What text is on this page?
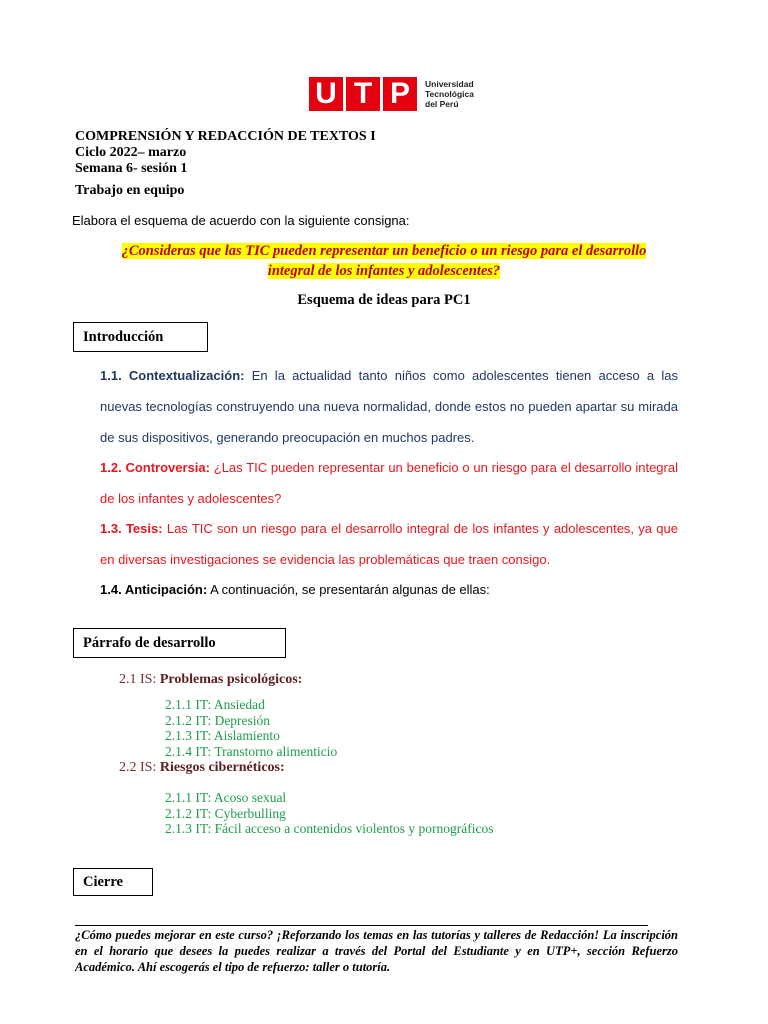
U T P	Universidad
Tecnológica
del Perú
COMPRENSIÓN Y REDACCIÓN DE TEXTOS I
Ciclo 2022– marzo
Semana 6- sesión 1
Trabajo en equipo
Elabora el esquema de acuerdo con la siguiente consigna:
¿Consideras que las TIC pueden representar un beneficio o un riesgo para el desarrollo
integral de los infantes y adolescentes?
Esquema de ideas para PC1
Introducción
1.1. Contextualización: En la actualidad tanto niños como adolescentes tienen acceso a las nuevas tecnologías construyendo una nueva normalidad, donde estos no pueden apartar su mirada de sus dispositivos, generando preocupación en muchos padres.
1.2. Controversia: ¿Las TIC pueden representar un beneficio o un riesgo para el desarrollo integral de los infantes y adolescentes?
1.3. Tesis: Las TIC son un riesgo para el desarrollo integral de los infantes y adolescentes, ya que en diversas investigaciones se evidencia las problemáticas que traen consigo.
1.4. Anticipación: A continuación, se presentarán algunas de ellas:
Párrafo de desarrollo
2.1 IS: Problemas psicológicos:
2.1.1 IT: Ansiedad
2.1.2 IT: Depresión
2.1.3 IT: Aislamiento
2.1.4 IT: Transtorno alimenticio
2.2 IS: Riesgos cibernéticos:
2.1.1 IT: Acoso sexual
2.1.2 IT: Cyberbulling
2.1.3 IT: Fácil acceso a contenidos violentos y pornográficos
Cierre
¿Cómo puedes mejorar en este curso? ¡Reforzando los temas en las tutorías y talleres de Redacción! La inscripción en el horario que desees la puedes realizar a través del Portal del Estudiante y en UTP+, sección Refuerzo Académico. Ahí escogerás el tipo de refuerzo: taller o tutoría.
